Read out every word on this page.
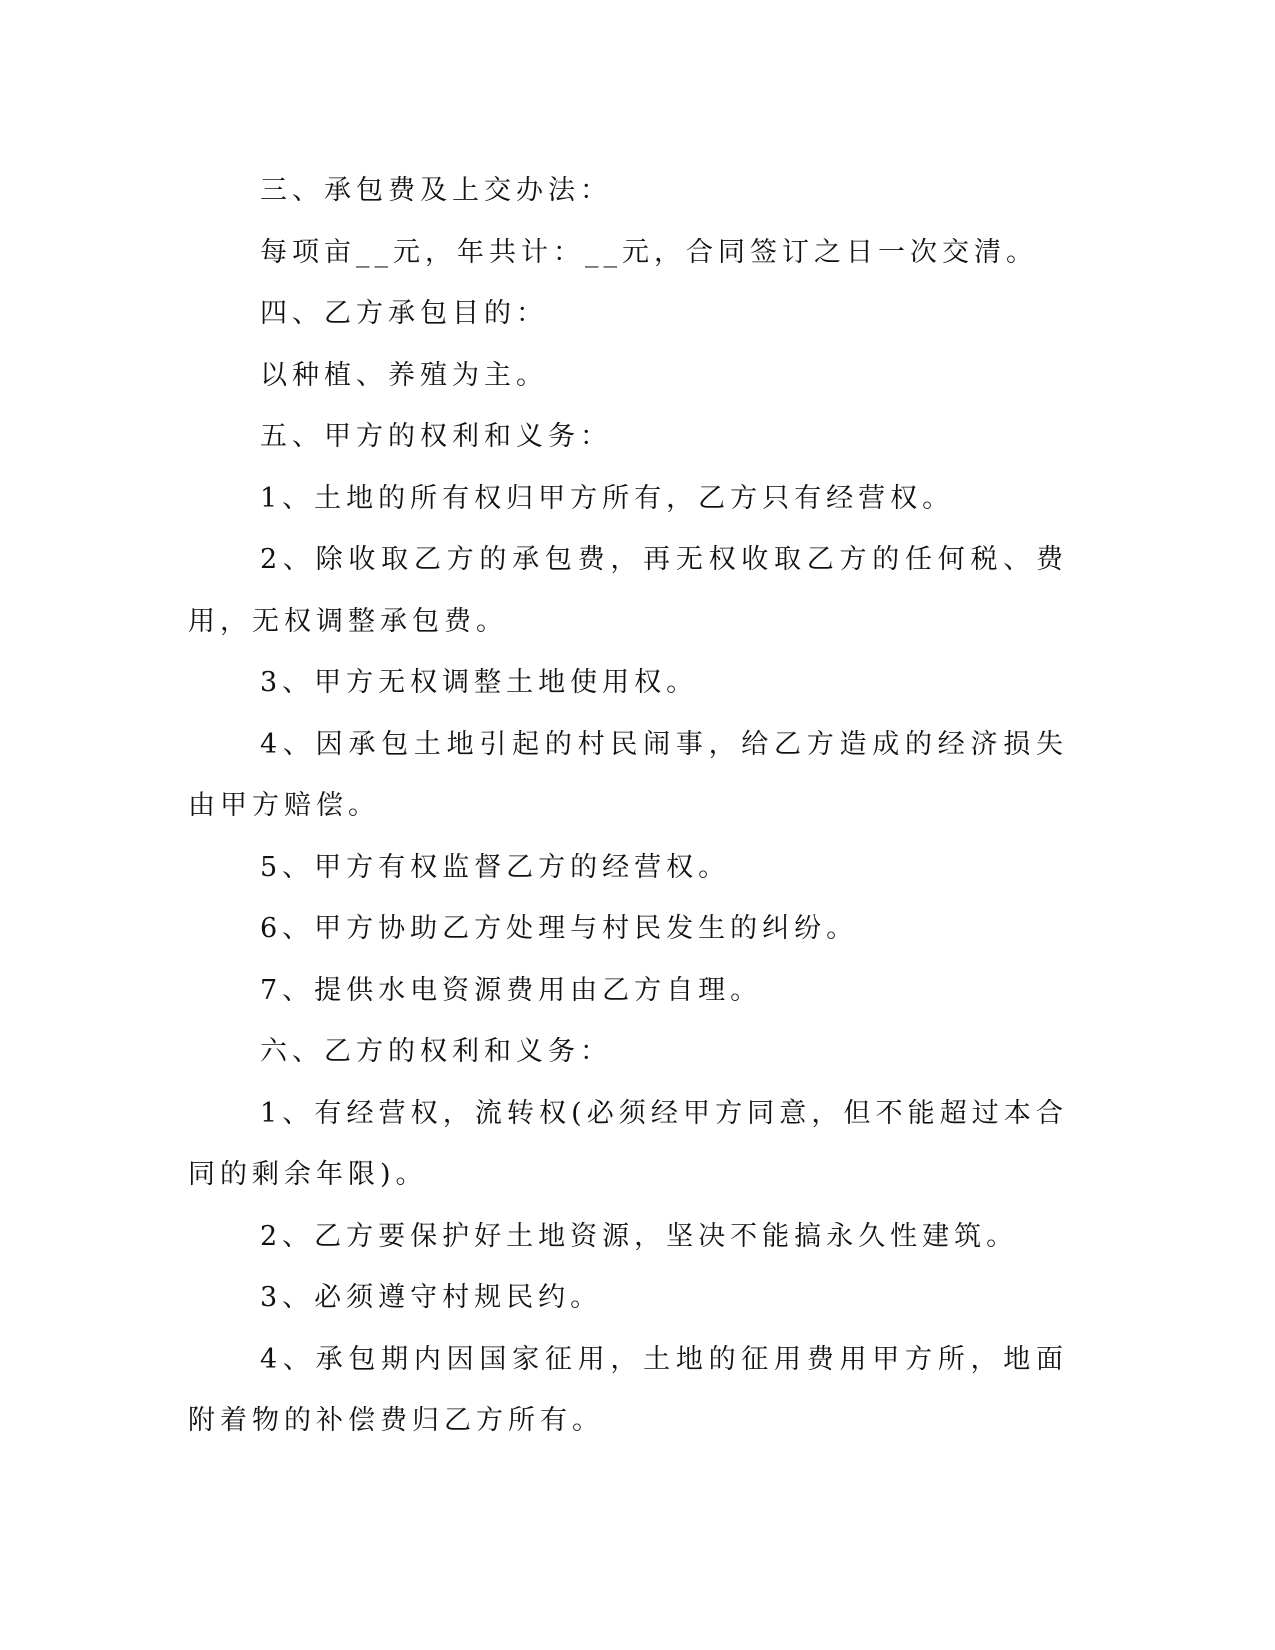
三、承包费及上交办法：

每项亩__元，年共计：__元，合同签订之日一次交清。

四、乙方承包目的：

以种植、养殖为主。

五、甲方的权利和义务：

1、土地的所有权归甲方所有，乙方只有经营权。

2、除收取乙方的承包费，再无权收取乙方的任何税、费用，无权调整承包费。

3、甲方无权调整土地使用权。

4、因承包土地引起的村民闹事，给乙方造成的经济损失由甲方赔偿。

5、甲方有权监督乙方的经营权。

6、甲方协助乙方处理与村民发生的纠纷。

7、提供水电资源费用由乙方自理。

六、乙方的权利和义务：

1、有经营权，流转权(必须经甲方同意，但不能超过本合同的剩余年限)。

2、乙方要保护好土地资源，坚决不能搞永久性建筑。

3、必须遵守村规民约。

4、承包期内因国家征用，土地的征用费用甲方所，地面附着物的补偿费归乙方所有。
